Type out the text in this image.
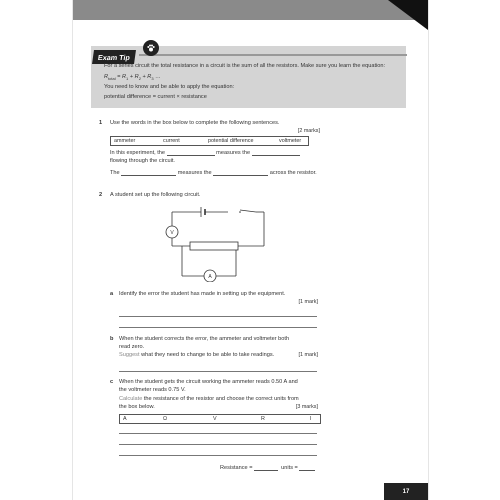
Exam Tip
For a series circuit the total resistance in a circuit is the sum of all the resistors. Make sure you learn the equation:
$R_{total} = R_1 + R_2 + R_3$ …
You need to know and be able to apply the equation:
potential difference = current × resistance
1 Use the words in the box below to complete the following sentences.
[2 marks]
ammeter	current	potential difference	voltmeter
In this experiment, the	measures the
flowing through the circuit.
The	measures the	across the resistor.
2 A student set up the following circuit.
V
A
a Identify the error the student has made in setting up the equipment.
[1 mark]
b When the student corrects the error, the ammeter and voltmeter both
read zero.
Suggest what they need to change to be able to take readings.	[1 mark]
c When the student gets the circuit working the ammeter reads 0.50 A and
the voltmeter reads 0.75 V.
Calculate the resistance of the resistor and choose the correct units from
the box below.	[3 marks]
A	Ω	V	R	I
Resistance =	units =
17
